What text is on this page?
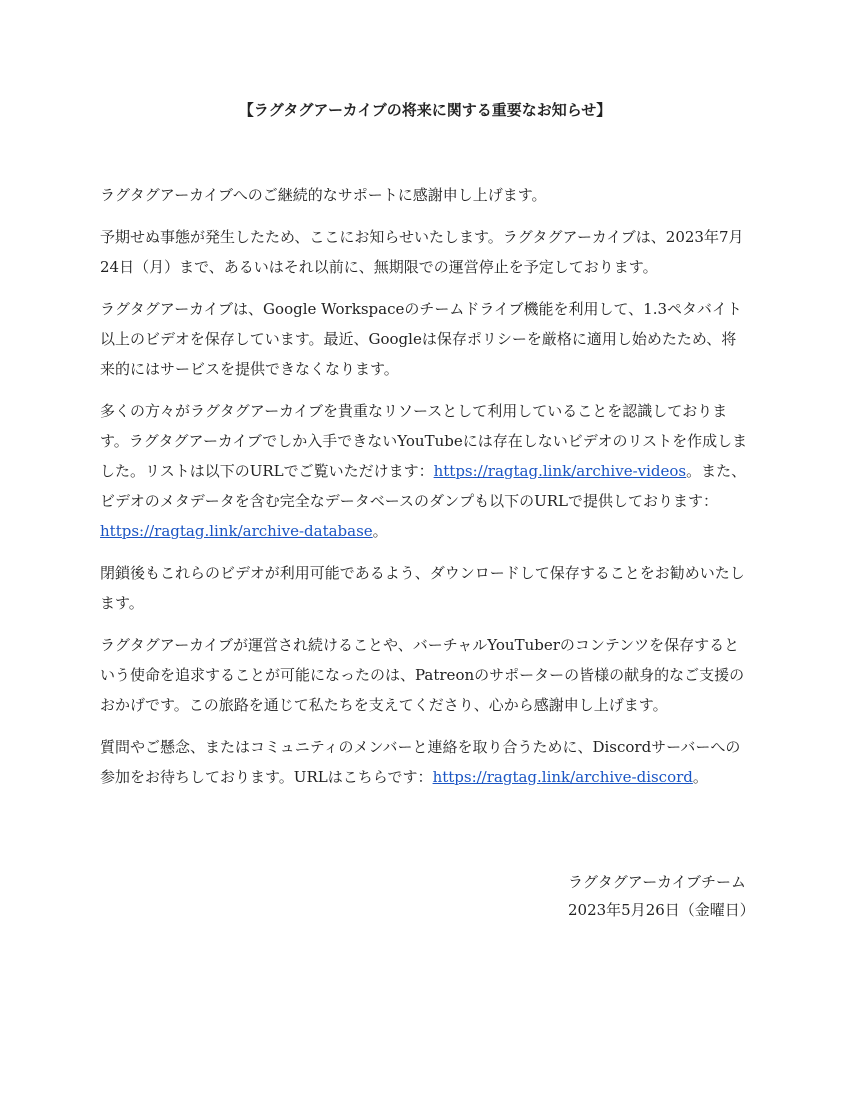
【ラグタグアーカイブの将来に関する重要なお知らせ】

ラグタグアーカイブへのご継続的なサポートに感謝申し上げます。

予期せぬ事態が発生したため、ここにお知らせいたします。ラグタグアーカイブは、2023年7月24日（月）まで、あるいはそれ以前に、無期限での運営停止を予定しております。

ラグタグアーカイブは、Google Workspaceのチームドライブ機能を利用して、1.3ペタバイト以上のビデオを保存しています。最近、Googleは保存ポリシーを厳格に適用し始めたため、将来的にはサービスを提供できなくなります。

多くの方々がラグタグアーカイブを貴重なリソースとして利用していることを認識しております。ラグタグアーカイブでしか入手できないYouTubeには存在しないビデオのリストを作成しました。リストは以下のURLでご覧いただけます：https://ragtag.link/archive-videos。また、ビデオのメタデータを含む完全なデータベースのダンプも以下のURLで提供しております：https://ragtag.link/archive-database。

閉鎖後もこれらのビデオが利用可能であるよう、ダウンロードして保存することをお勧めいたします。

ラグタグアーカイブが運営され続けることや、バーチャルYouTuberのコンテンツを保存するという使命を追求することが可能になったのは、Patreonのサポーターの皆様の献身的なご支援のおかげです。この旅路を通じて私たちを支えてくださり、心から感謝申し上げます。

質問やご懸念、またはコミュニティのメンバーと連絡を取り合うために、Discordサーバーへの参加をお待ちしております。URLはこちらです：https://ragtag.link/archive-discord。

ラグタグアーカイブチーム
2023年5月26日（金曜日）
